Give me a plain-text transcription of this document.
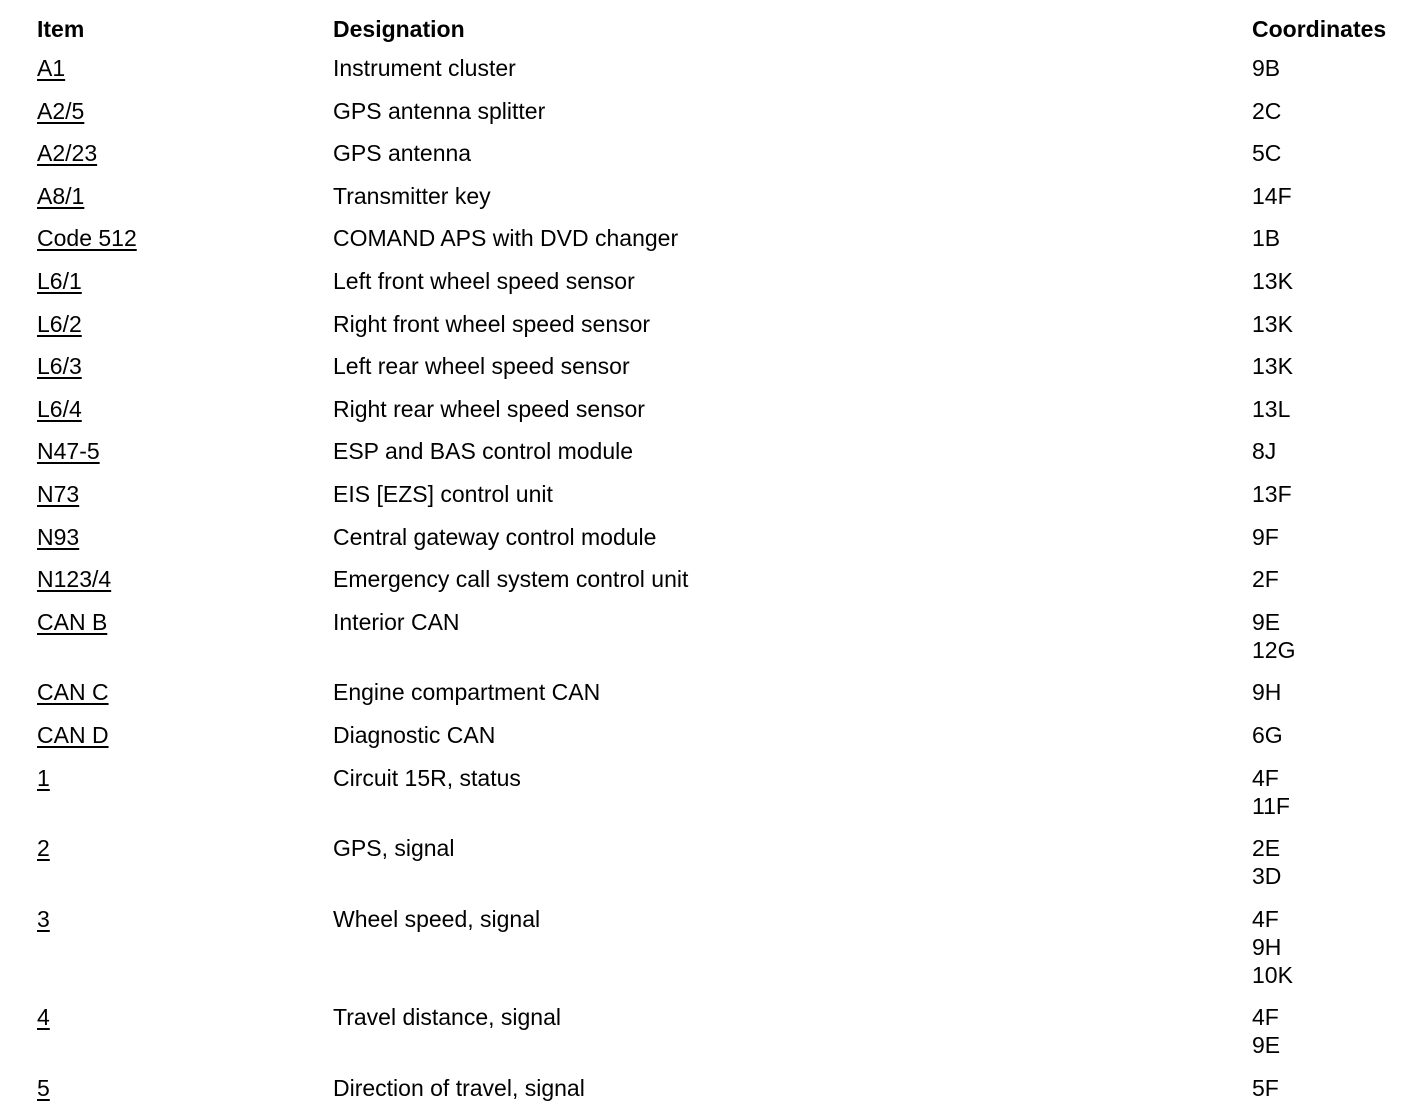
Item	Designation	Coordinates
A1	Instrument cluster	9B
A2/5	GPS antenna splitter	2C
A2/23	GPS antenna	5C
A8/1	Transmitter key	14F
Code 512	COMAND APS with DVD changer	1B
L6/1	Left front wheel speed sensor	13K
L6/2	Right front wheel speed sensor	13K
L6/3	Left rear wheel speed sensor	13K
L6/4	Right rear wheel speed sensor	13L
N47-5	ESP and BAS control module	8J
N73	EIS [EZS] control unit	13F
N93	Central gateway control module	9F
N123/4	Emergency call system control unit	2F
CAN B	Interior CAN	9E
12G
CAN C	Engine compartment CAN	9H
CAN D	Diagnostic CAN	6G
1	Circuit 15R, status	4F
11F
2	GPS, signal	2E
3D
3	Wheel speed, signal	4F
9H
10K
4	Travel distance, signal	4F
9E
5	Direction of travel, signal	5F
